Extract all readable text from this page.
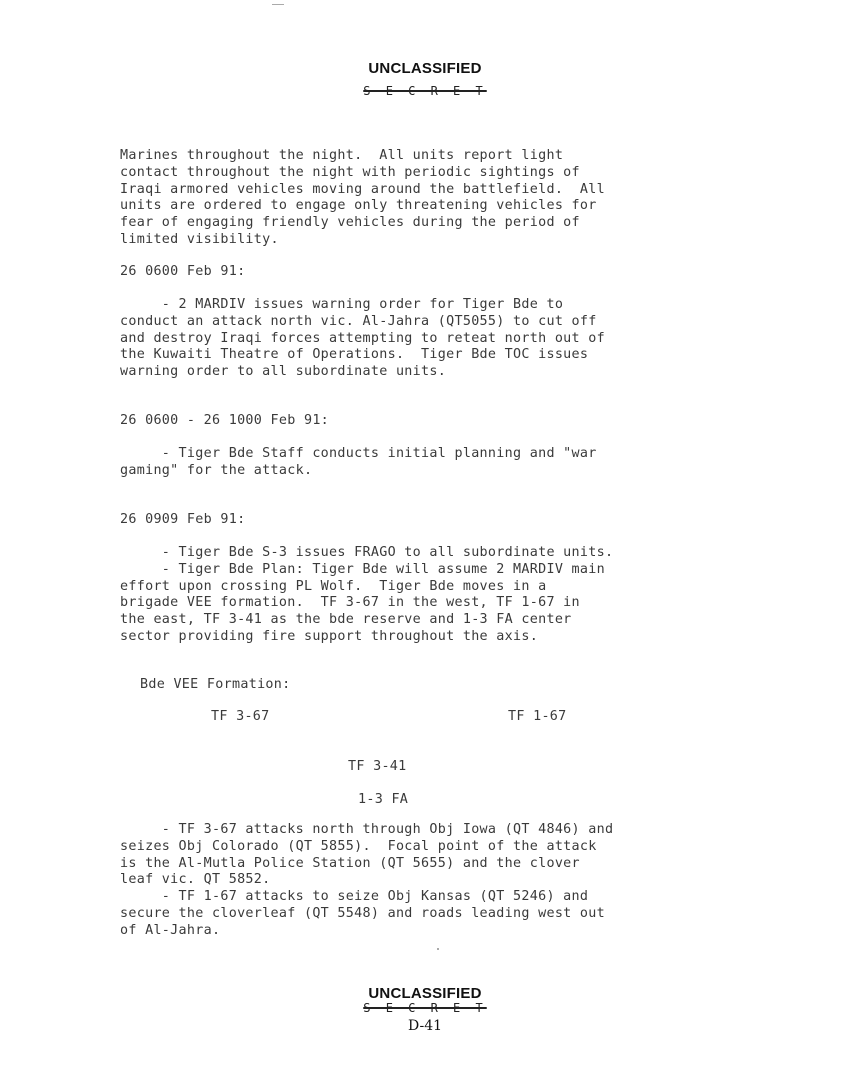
UNCLASSIFIED
S E C R E T
Marines throughout the night.  All units report light
contact throughout the night with periodic sightings of
Iraqi armored vehicles moving around the battlefield.  All
units are ordered to engage only threatening vehicles for
fear of engaging friendly vehicles during the period of
limited visibility.
26 0600 Feb 91:
- 2 MARDIV issues warning order for Tiger Bde to
conduct an attack north vic. Al-Jahra (QT5055) to cut off
and destroy Iraqi forces attempting to reteat north out of
the Kuwaiti Theatre of Operations.  Tiger Bde TOC issues
warning order to all subordinate units.
26 0600 - 26 1000 Feb 91:
- Tiger Bde Staff conducts initial planning and "war
gaming" for the attack.
26 0909 Feb 91:
- Tiger Bde S-3 issues FRAGO to all subordinate units.
- Tiger Bde Plan: Tiger Bde will assume 2 MARDIV main
effort upon crossing PL Wolf.  Tiger Bde moves in a
brigade VEE formation.  TF 3-67 in the west, TF 1-67 in
the east, TF 3-41 as the bde reserve and 1-3 FA center
sector providing fire support throughout the axis.
Bde VEE Formation:
TF 3-67	TF 1-67
TF 3-41
1-3 FA
- TF 3-67 attacks north through Obj Iowa (QT 4846) and
seizes Obj Colorado (QT 5855).  Focal point of the attack
is the Al-Mutla Police Station (QT 5655) and the clover
leaf vic. QT 5852.
- TF 1-67 attacks to seize Obj Kansas (QT 5246) and
secure the cloverleaf (QT 5548) and roads leading west out
of Al-Jahra.
UNCLASSIFIED
S E C R E T
D-41
